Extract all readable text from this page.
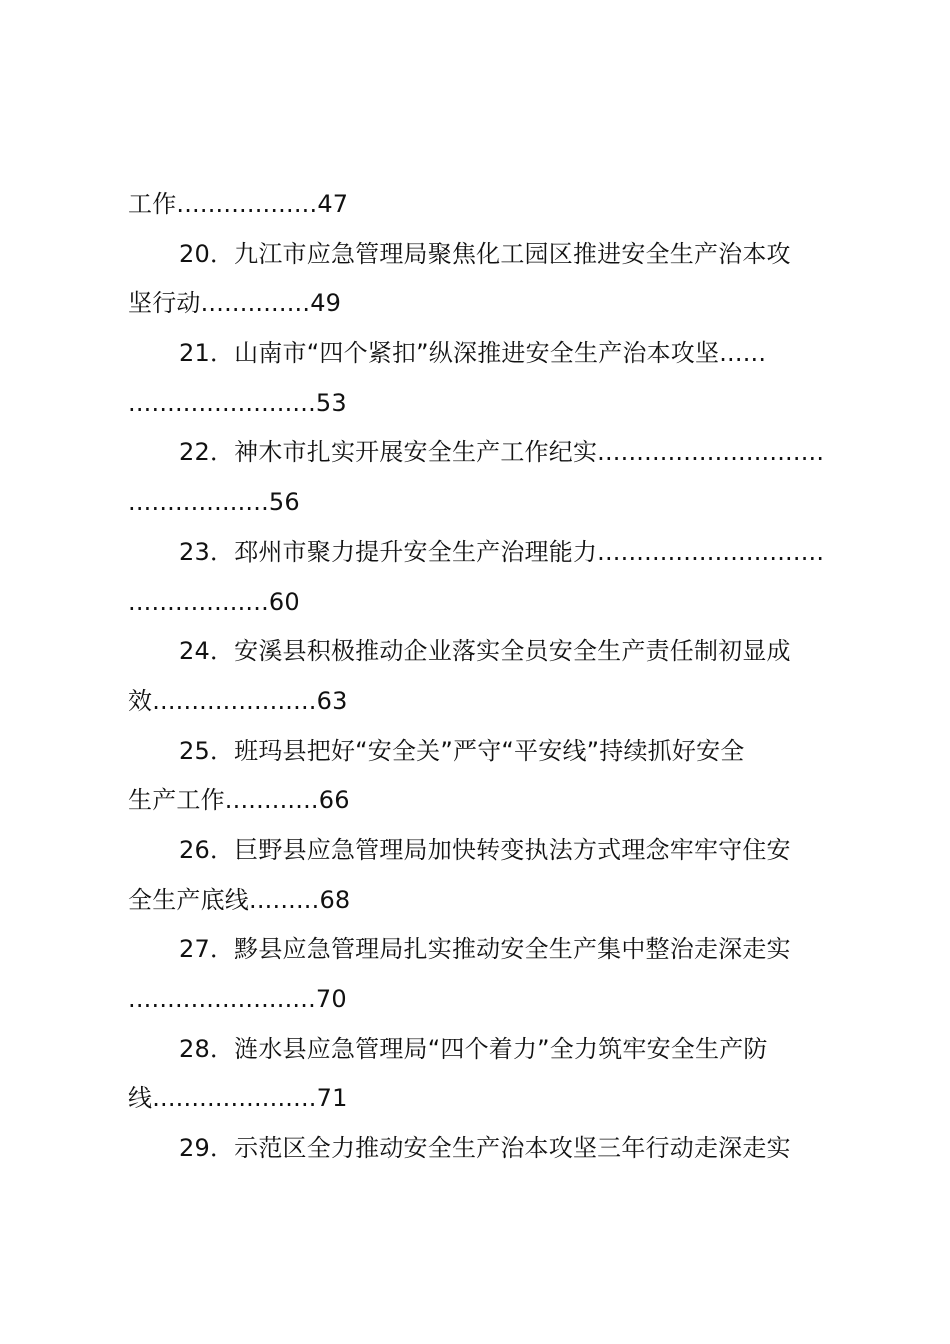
工作..................47
20．九江市应急管理局聚焦化工园区推进安全生产治本攻
坚行动..............49
21．山南市“四个紧扣”纵深推进安全生产治本攻坚......
........................53
22．神木市扎实开展安全生产工作纪实.............................
..................56
23．邳州市聚力提升安全生产治理能力.............................
..................60
24．安溪县积极推动企业落实全员安全生产责任制初显成
效.....................63
25．班玛县把好“安全关”严守“平安线”持续抓好安全
生产工作............66
26．巨野县应急管理局加快转变执法方式理念牢牢守住安
全生产底线.........68
27．黟县应急管理局扎实推动安全生产集中整治走深走实
........................70
28．涟水县应急管理局“四个着力”全力筑牢安全生产防
线.....................71
29．示范区全力推动安全生产治本攻坚三年行动走深走实
